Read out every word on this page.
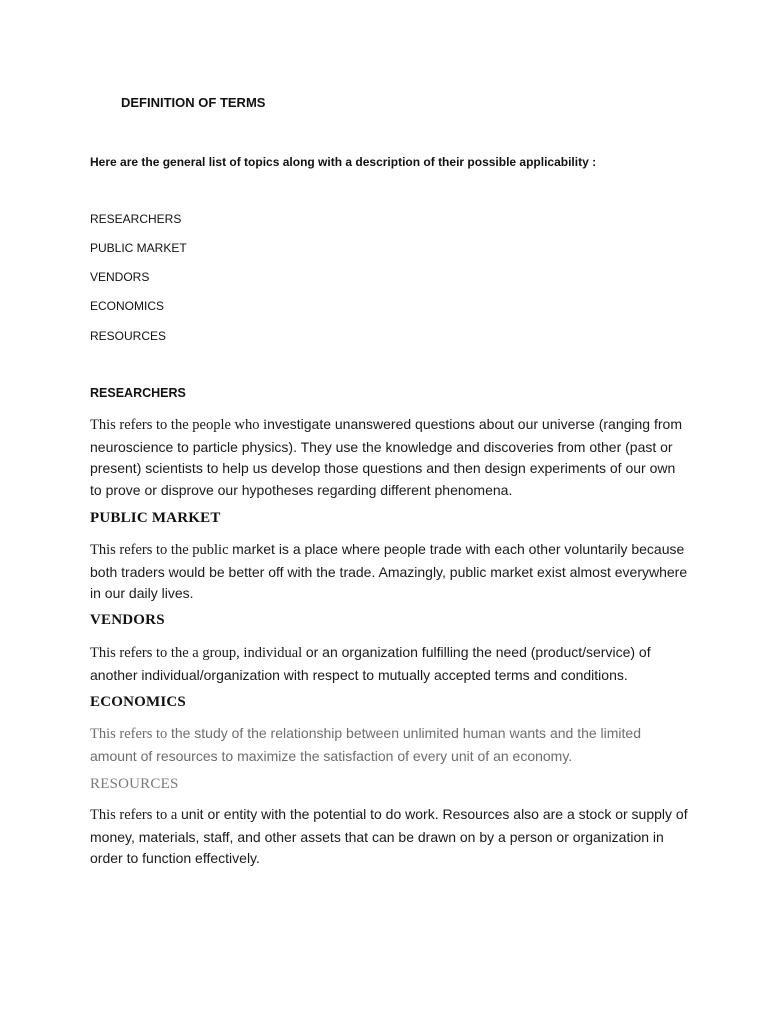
DEFINITION OF TERMS
Here are the general list of topics along with a description of their possible applicability :
RESEARCHERS
PUBLIC MARKET
VENDORS
ECONOMICS
RESOURCES
RESEARCHERS
This refers to the people who investigate unanswered questions about our universe (ranging from neuroscience to particle physics). They use the knowledge and discoveries from other (past or present) scientists to help us develop those questions and then design experiments of our own to prove or disprove our hypotheses regarding different phenomena.
PUBLIC MARKET
This refers to the public market is a place where people trade with each other voluntarily because both traders would be better off with the trade. Amazingly, public market exist almost everywhere in our daily lives.
VENDORS
This refers to the a group, individual or an organization fulfilling the need (product/service) of another individual/organization with respect to mutually accepted terms and conditions.
ECONOMICS
This refers to the study of the relationship between unlimited human wants and the limited amount of resources to maximize the satisfaction of every unit of an economy.
RESOURCES
This refers to a unit or entity with the potential to do work. Resources also are a stock or supply of money, materials, staff, and other assets that can be drawn on by a person or organization in order to function effectively.
